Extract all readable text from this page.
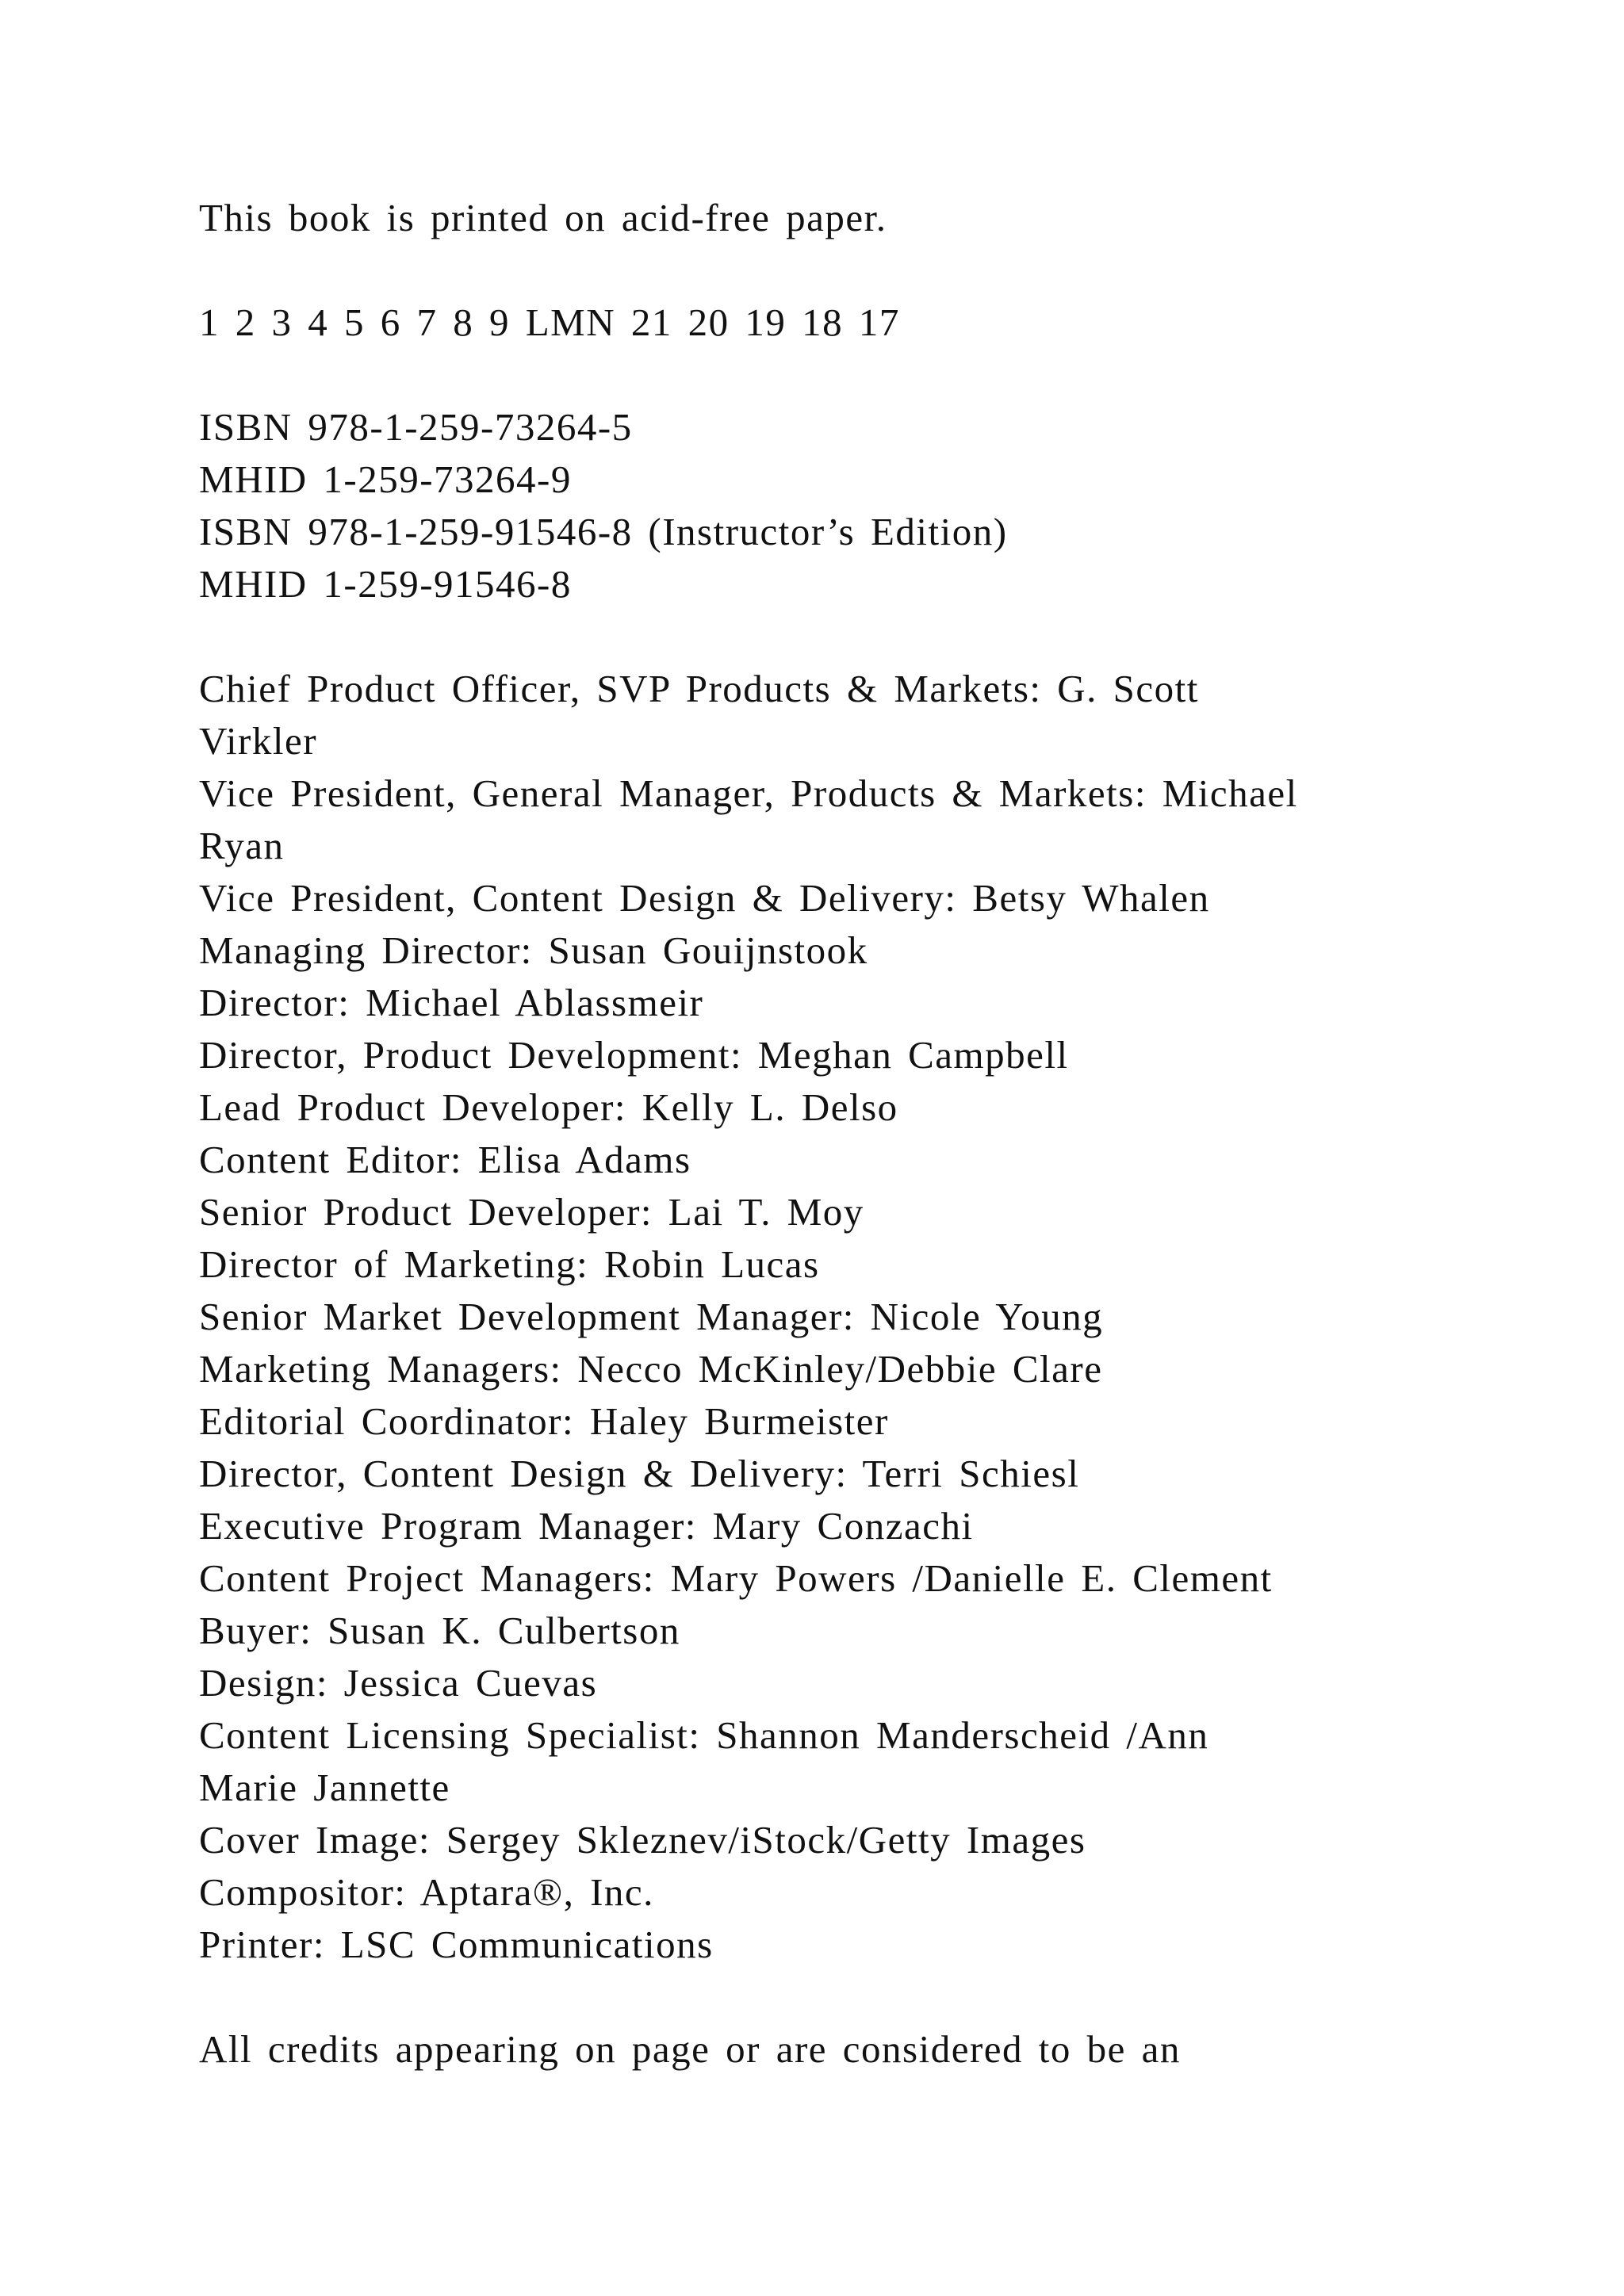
This book is printed on acid-free paper.

1 2 3 4 5 6 7 8 9 LMN 21 20 19 18 17

ISBN 978-1-259-73264-5
MHID 1-259-73264-9
ISBN 978-1-259-91546-8 (Instructor’s Edition)
MHID 1-259-91546-8

Chief Product Officer, SVP Products & Markets: G. Scott
Virkler
Vice President, General Manager, Products & Markets: Michael
Ryan
Vice President, Content Design & Delivery: Betsy Whalen
Managing Director: Susan Gouijnstook
Director: Michael Ablassmeir
Director, Product Development: Meghan Campbell
Lead Product Developer: Kelly L. Delso
Content Editor: Elisa Adams
Senior Product Developer: Lai T. Moy
Director of Marketing: Robin Lucas
Senior Market Development Manager: Nicole Young
Marketing Managers: Necco McKinley/Debbie Clare
Editorial Coordinator: Haley Burmeister
Director, Content Design & Delivery: Terri Schiesl
Executive Program Manager: Mary Conzachi
Content Project Managers: Mary Powers /Danielle E. Clement
Buyer: Susan K. Culbertson
Design: Jessica Cuevas
Content Licensing Specialist: Shannon Manderscheid /Ann
Marie Jannette
Cover Image: Sergey Skleznev/iStock/Getty Images
Compositor: Aptara®, Inc.
Printer: LSC Communications

All credits appearing on page or are considered to be an
